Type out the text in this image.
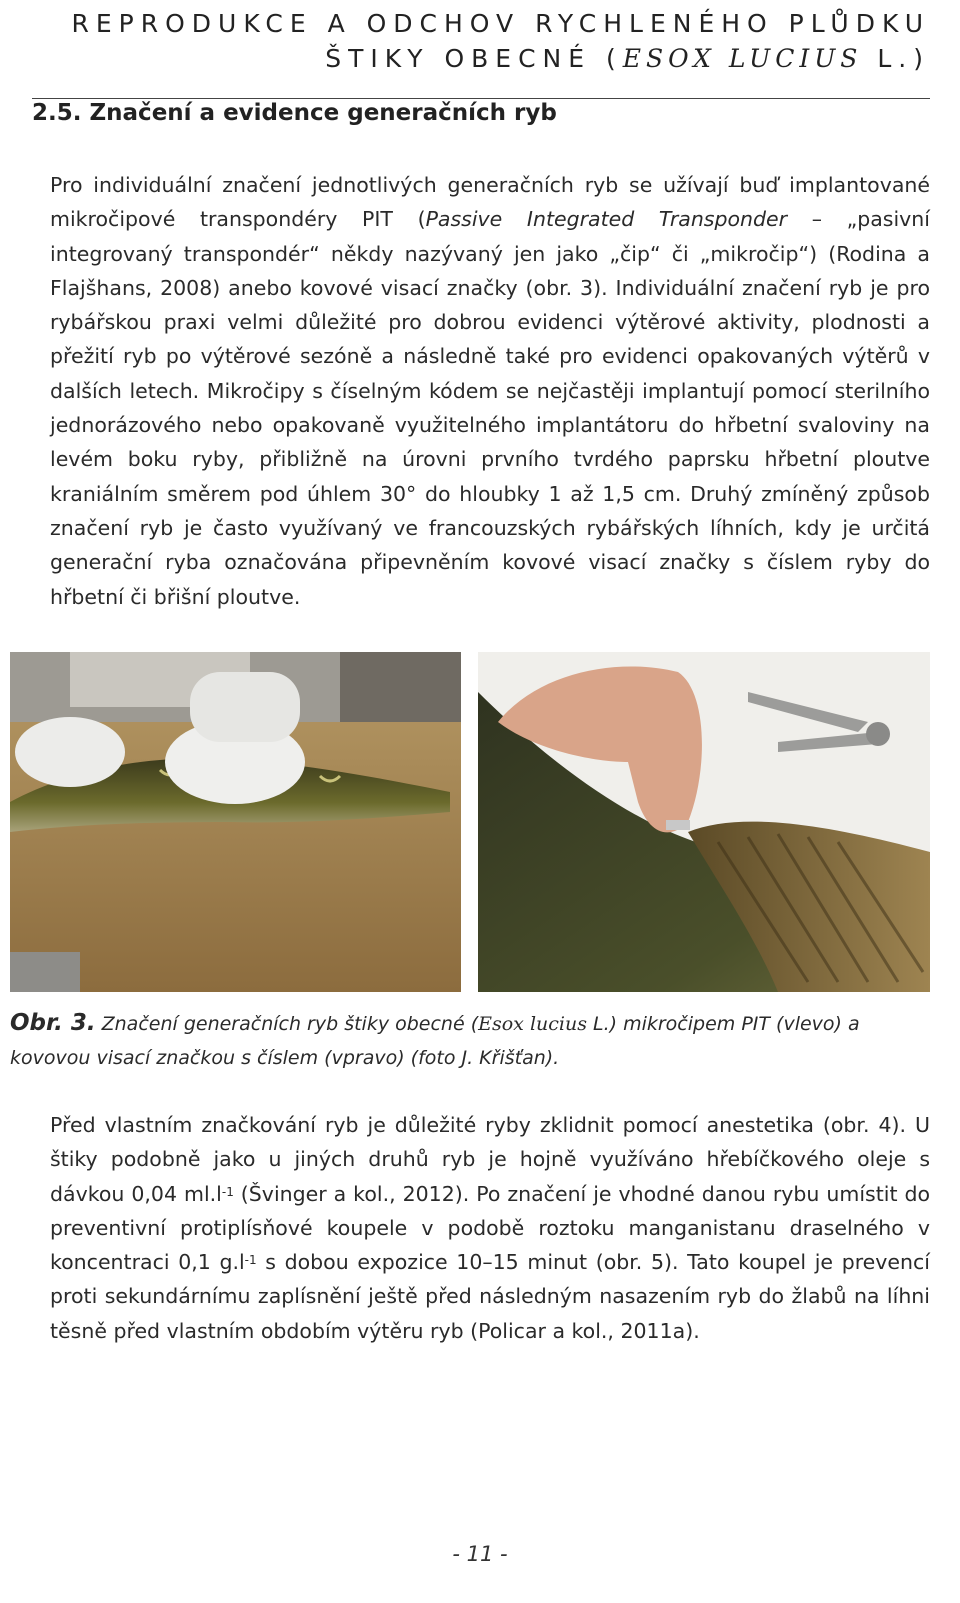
REPRODUKCE A ODCHOV RYCHLENÉHO PLŮDKU
ŠTIKY OBECNÉ (ESOX LUCIUS L.)
2.5. Značení a evidence generačních ryb

Pro individuální značení jednotlivých generačních ryb se užívají buď implantované mikročipové transpondéry PIT (Passive Integrated Transponder – „pasivní integrovaný transpondér“ někdy nazývaný jen jako „čip“ či „mikročip“) (Rodina a Flajšhans, 2008) anebo kovové visací značky (obr. 3). Individuální značení ryb je pro rybářskou praxi velmi důležité pro dobrou evidenci výtěrové aktivity, plodnosti a přežití ryb po výtěrové sezóně a následně také pro evidenci opakovaných výtěrů v dalších letech. Mikročipy s číselným kódem se nejčastěji implantují pomocí sterilního jednorázového nebo opakovaně využitelného implantátoru do hřbetní svaloviny na levém boku ryby, přibližně na úrovni prvního tvrdého paprsku hřbetní ploutve kraniálním směrem pod úhlem 30° do hloubky 1 až 1,5 cm. Druhý zmíněný způsob značení ryb je často využívaný ve francouzských rybářských líhních, kdy je určitá generační ryba označována připevněním kovové visací značky s číslem ryby do hřbetní či břišní ploutve.

Obr. 3. Značení generačních ryb štiky obecné (Esox lucius L.) mikročipem PIT (vlevo) a kovovou visací značkou s číslem (vpravo) (foto J. Křišťan).

Před vlastním značkování ryb je důležité ryby zklidnit pomocí anestetika (obr. 4). U štiky podobně jako u jiných druhů ryb je hojně využíváno hřebíčkového oleje s dávkou 0,04 $ml.l^{-1}$ (Švinger a kol., 2012). Po značení je vhodné danou rybu umístit do preventivní protiplísňové koupele v podobě roztoku manganistanu draselného v koncentraci 0,1 $g.l^{-1}$ s dobou expozice 10–15 minut (obr. 5). Tato koupel je prevencí proti sekundárnímu zaplísnění ještě před následným nasazením ryb do žlabů na líhni těsně před vlastním obdobím výtěru ryb (Policar a kol., 2011a).

- 11 -
